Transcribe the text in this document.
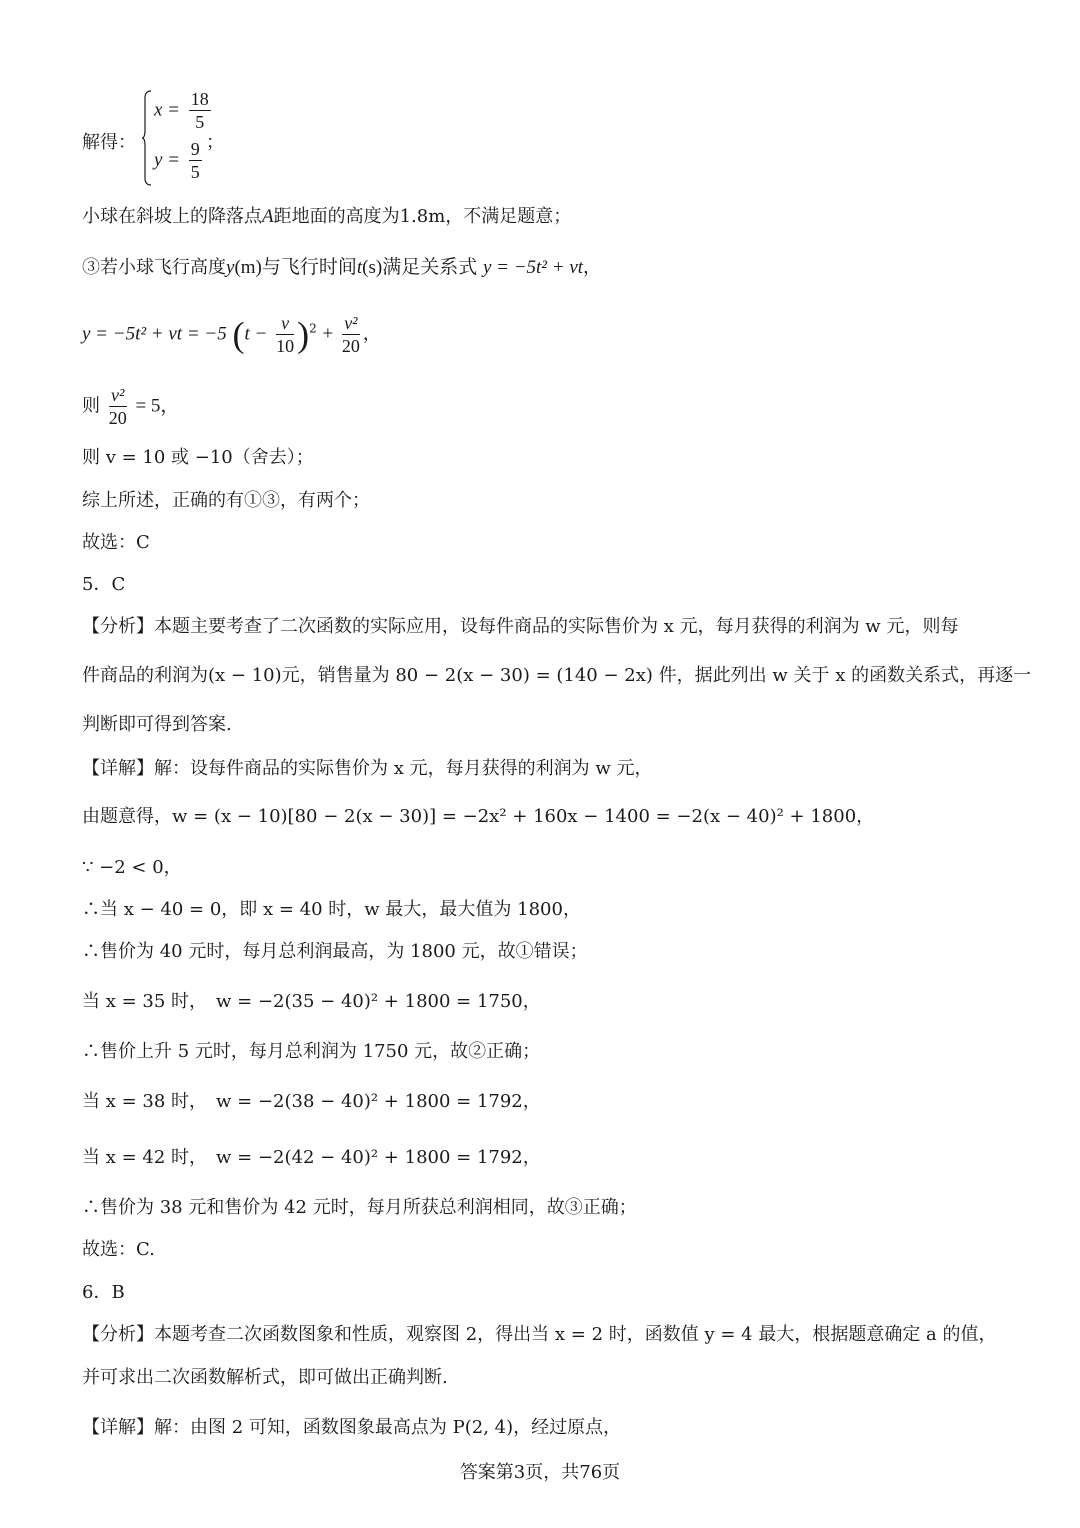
解得：
$x = \frac{18}{5}$
$y = \frac{9}{5}$ ；
小球在斜坡上的降落点A距地面的高度为1.8m，不满足题意；
③若小球飞行高度y(m)与飞行时间t(s)满足关系式 y = −5t² + vt，
y = −5t² + vt = −5 $(t - \frac{v}{10} )^2 + \frac{\text{v²}}{20}$ ，
则 $\frac{\text{v²}}{20} = 5$，
则 v = 10 或 −10（舍去）；
综上所述，正确的有①③，有两个；
故选：C
5．C
【分析】本题主要考查了二次函数的实际应用，设每件商品的实际售价为 x 元，每月获得的利润为 w 元，则每
件商品的利润为(x − 10)元，销售量为 80 − 2(x − 30) = (140 − 2x) 件，据此列出 w 关于 x 的函数关系式，再逐一
判断即可得到答案.
【详解】解：设每件商品的实际售价为 x 元，每月获得的利润为 w 元，
由题意得，w = (x − 10)[80 − 2(x − 30)] = −2x² + 160x − 1400 = −2(x − 40)² + 1800，
∵ −2 < 0，
∴当 x − 40 = 0，即 x = 40 时，w 最大，最大值为 1800，
∴售价为 40 元时，每月总利润最高，为 1800 元，故①错误；
当 x = 35 时，　w = −2(35 − 40)² + 1800 = 1750，
∴售价上升 5 元时，每月总利润为 1750 元，故②正确；
当 x = 38 时，　w = −2(38 − 40)² + 1800 = 1792，
当 x = 42 时，　w = −2(42 − 40)² + 1800 = 1792，
∴售价为 38 元和售价为 42 元时，每月所获总利润相同，故③正确；
故选：C.
6．B
【分析】本题考查二次函数图象和性质，观察图 2，得出当 x = 2 时，函数值 y = 4 最大，根据题意确定 a 的值，
并可求出二次函数解析式，即可做出正确判断.
【详解】解：由图 2 可知，函数图象最高点为 P(2, 4)，经过原点，
答案第3页，共76页
